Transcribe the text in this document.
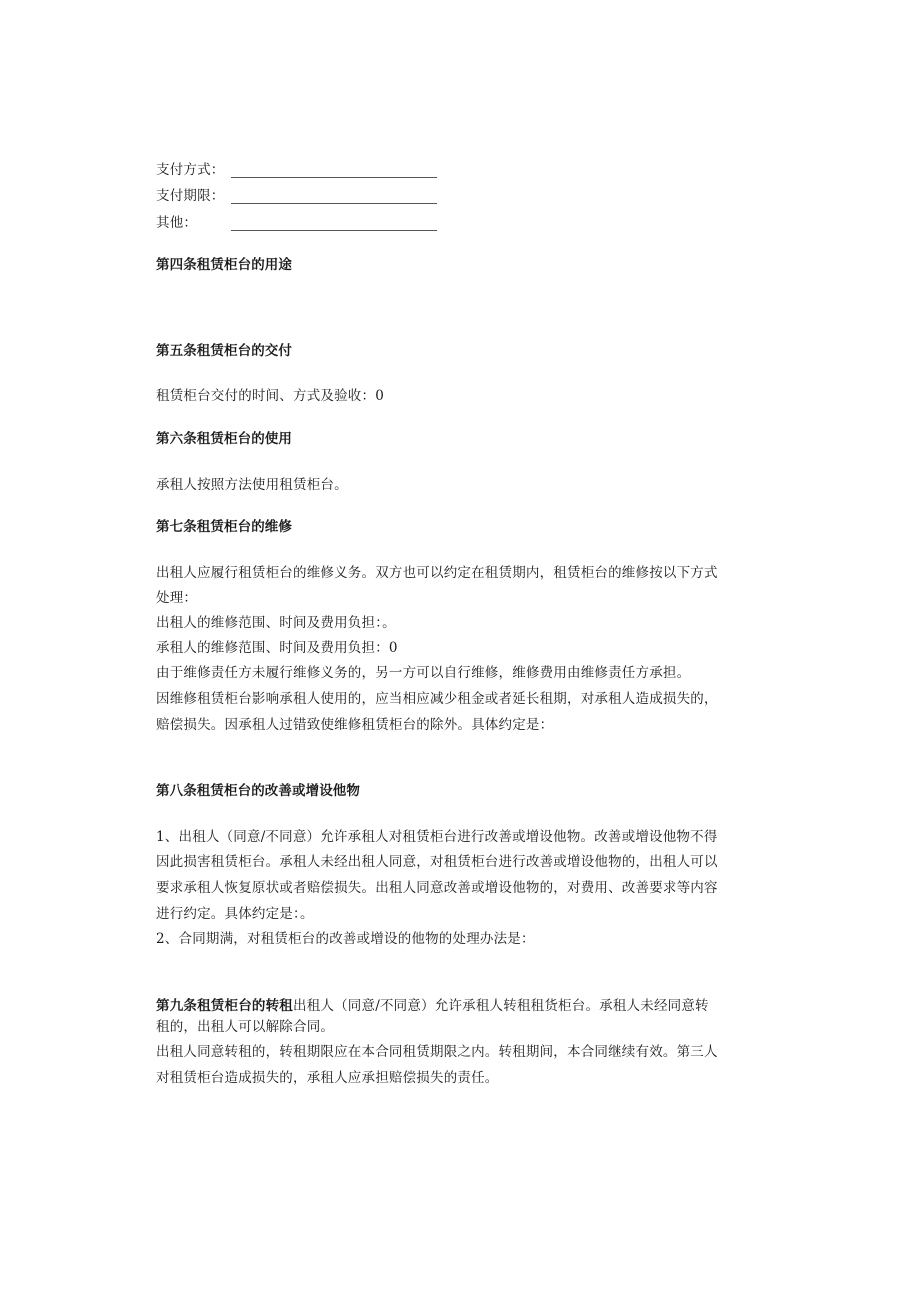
支付方式：
支付期限：
其他：
第四条租赁柜台的用途
第五条租赁柜台的交付
租赁柜台交付的时间、方式及验收：0
第六条租赁柜台的使用
承租人按照方法使用租赁柜台。
第七条租赁柜台的维修
出租人应履行租赁柜台的维修义务。双方也可以约定在租赁期内，租赁柜台的维修按以下方式
处理：
出租人的维修范围、时间及费用负担：。
承租人的维修范围、时间及费用负担：0
由于维修责任方未履行维修义务的，另一方可以自行维修，维修费用由维修责任方承担。
因维修租赁柜台影响承租人使用的，应当相应减少租金或者延长租期，对承租人造成损失的，
赔偿损失。因承租人过错致使维修租赁柜台的除外。具体约定是：
第八条租赁柜台的改善或增设他物
1、出租人（同意/不同意）允许承租人对租赁柜台进行改善或增设他物。改善或增设他物不得
因此损害租赁柜台。承租人未经出租人同意，对租赁柜台进行改善或增设他物的，出租人可以
要求承租人恢复原状或者赔偿损失。出租人同意改善或增设他物的，对费用、改善要求等内容
进行约定。具体约定是：。
2、合同期满，对租赁柜台的改善或增设的他物的处理办法是：
第九条租赁柜台的转租出租人（同意/不同意）允许承租人转租租货柜台。承租人未经同意转
租的，出租人可以解除合同。
出租人同意转租的，转租期限应在本合同租赁期限之内。转租期间，本合同继续有效。第三人
对租赁柜台造成损失的，承租人应承担赔偿损失的责任。
